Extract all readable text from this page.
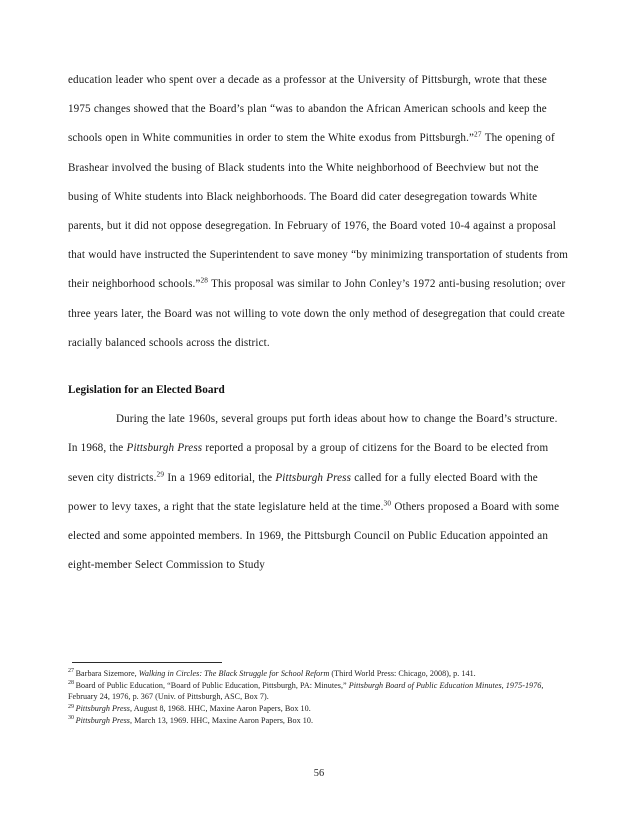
education leader who spent over a decade as a professor at the University of Pittsburgh, wrote that these 1975 changes showed that the Board’s plan “was to abandon the African American schools and keep the schools open in White communities in order to stem the White exodus from Pittsburgh.”$^{27}$ The opening of Brashear involved the busing of Black students into the White neighborhood of Beechview but not the busing of White students into Black neighborhoods. The Board did cater desegregation towards White parents, but it did not oppose desegregation. In February of 1976, the Board voted 10-4 against a proposal that would have instructed the Superintendent to save money “by minimizing transportation of students from their neighborhood schools.”$^{28}$ This proposal was similar to John Conley’s 1972 anti-busing resolution; over three years later, the Board was not willing to vote down the only method of desegregation that could create racially balanced schools across the district.

Legislation for an Elected Board

During the late 1960s, several groups put forth ideas about how to change the Board’s structure. In 1968, the Pittsburgh Press reported a proposal by a group of citizens for the Board to be elected from seven city districts.$^{29}$ In a 1969 editorial, the Pittsburgh Press called for a fully elected Board with the power to levy taxes, a right that the state legislature held at the time.$^{30}$ Others proposed a Board with some elected and some appointed members. In 1969, the Pittsburgh Council on Public Education appointed an eight-member Select Commission to Study

$^{27}$ Barbara Sizemore, Walking in Circles: The Black Struggle for School Reform (Third World Press: Chicago, 2008), p. 141.

$^{28}$ Board of Public Education, “Board of Public Education, Pittsburgh, PA: Minutes,” Pittsburgh Board of Public Education Minutes, 1975-1976, February 24, 1976, p. 367 (Univ. of Pittsburgh, ASC, Box 7).

$^{29}$ Pittsburgh Press, August 8, 1968. HHC, Maxine Aaron Papers, Box 10.

$^{30}$ Pittsburgh Press, March 13, 1969. HHC, Maxine Aaron Papers, Box 10.

56
